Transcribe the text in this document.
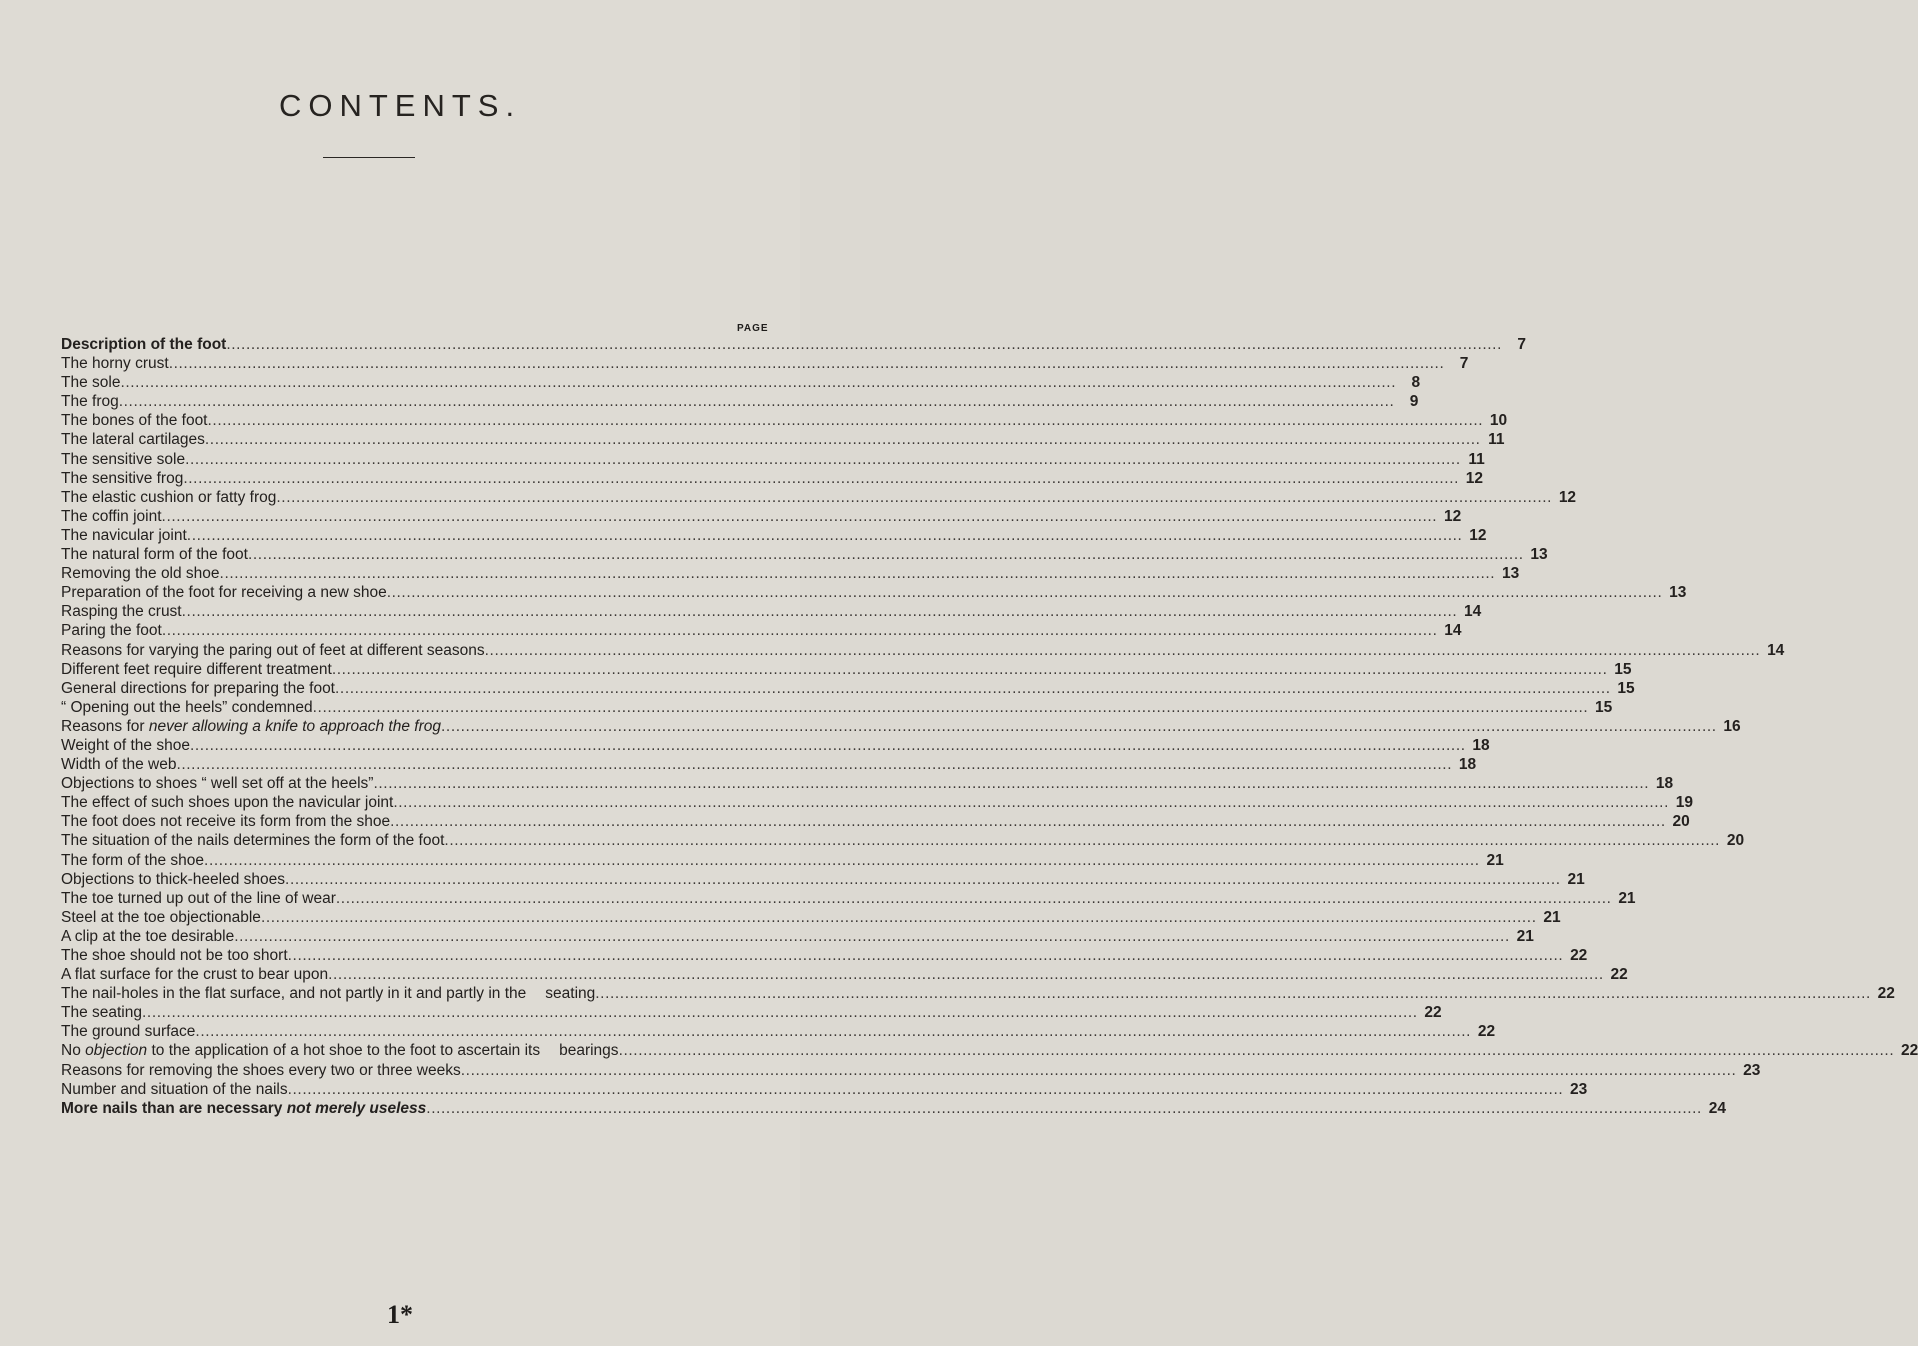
CONTENTS.
PAGE
Description of the foot .................................................................................................................................................................................................................................................................... 7
The horny crust .................................................................................................................................................................................................................................................................... 7
The sole .................................................................................................................................................................................................................................................................... 8
The frog .................................................................................................................................................................................................................................................................... 9
The bones of the foot .................................................................................................................................................................................................................................................................... 10
The lateral cartilages .................................................................................................................................................................................................................................................................... 11
The sensitive sole .................................................................................................................................................................................................................................................................... 11
The sensitive frog .................................................................................................................................................................................................................................................................... 12
The elastic cushion or fatty frog .................................................................................................................................................................................................................................................................... 12
The coffin joint .................................................................................................................................................................................................................................................................... 12
The navicular joint .................................................................................................................................................................................................................................................................... 12
The natural form of the foot .................................................................................................................................................................................................................................................................... 13
Removing the old shoe .................................................................................................................................................................................................................................................................... 13
Preparation of the foot for receiving a new shoe .................................................................................................................................................................................................................................................................... 13
Rasping the crust .................................................................................................................................................................................................................................................................... 14
Paring the foot .................................................................................................................................................................................................................................................................... 14
Reasons for varying the paring out of feet at different seasons .................................................................................................................................................................................................................................................................... 14
Different feet require different treatment .................................................................................................................................................................................................................................................................... 15
General directions for preparing the foot .................................................................................................................................................................................................................................................................... 15
“ Opening out the heels” condemned .................................................................................................................................................................................................................................................................... 15
Reasons for never allowing a knife to approach the frog .................................................................................................................................................................................................................................................................... 16
Weight of the shoe .................................................................................................................................................................................................................................................................... 18
Width of the web .................................................................................................................................................................................................................................................................... 18
Objections to shoes “ well set off at the heels” .................................................................................................................................................................................................................................................................... 18
The effect of such shoes upon the navicular joint .................................................................................................................................................................................................................................................................... 19
The foot does not receive its form from the shoe .................................................................................................................................................................................................................................................................... 20
The situation of the nails determines the form of the foot .................................................................................................................................................................................................................................................................... 20
The form of the shoe .................................................................................................................................................................................................................................................................... 21
Objections to thick-heeled shoes .................................................................................................................................................................................................................................................................... 21
The toe turned up out of the line of wear .................................................................................................................................................................................................................................................................... 21
Steel at the toe objectionable .................................................................................................................................................................................................................................................................... 21
A clip at the toe desirable .................................................................................................................................................................................................................................................................... 21
The shoe should not be too short .................................................................................................................................................................................................................................................................... 22
A flat surface for the crust to bear upon .................................................................................................................................................................................................................................................................... 22
The nail-holes in the flat surface, and not partly in it and partly in the seating .................................................................................................................................................................................................................................................................... 22
The seating .................................................................................................................................................................................................................................................................... 22
The ground surface .................................................................................................................................................................................................................................................................... 22
No objection to the application of a hot shoe to the foot to ascertain its bearings .................................................................................................................................................................................................................................................................... 22
Reasons for removing the shoes every two or three weeks .................................................................................................................................................................................................................................................................... 23
Number and situation of the nails .................................................................................................................................................................................................................................................................... 23
More nails than are necessary not merely useless .................................................................................................................................................................................................................................................................... 24
1*
